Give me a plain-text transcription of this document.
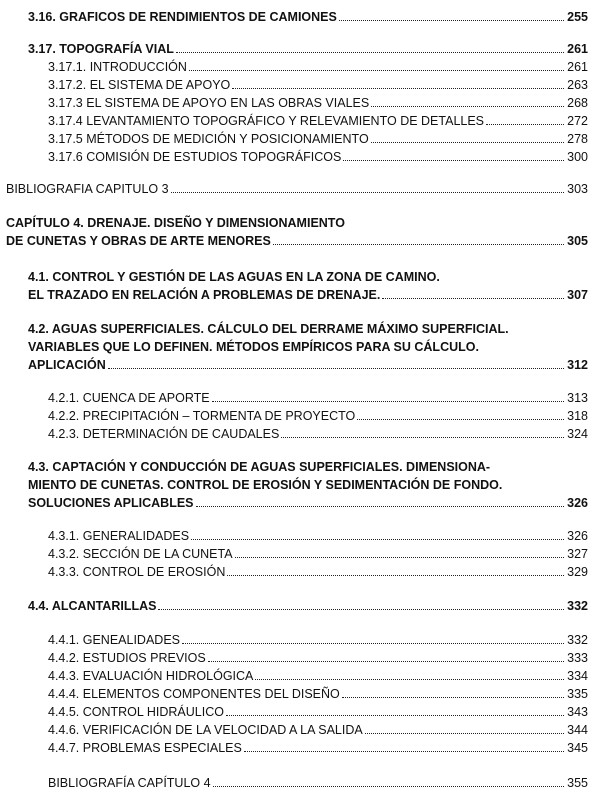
3.16. GRAFICOS DE RENDIMIENTOS DE CAMIONES	255
3.17. TOPOGRAFÍA VIAL	261
3.17.1. INTRODUCCIÓN	261
3.17.2. EL SISTEMA DE APOYO	263
3.17.3 EL SISTEMA DE APOYO EN LAS OBRAS VIALES	268
3.17.4 LEVANTAMIENTO TOPOGRÁFICO Y RELEVAMIENTO DE DETALLES	272
3.17.5 MÉTODOS DE MEDICIÓN Y POSICIONAMIENTO	278
3.17.6 COMISIÓN DE ESTUDIOS TOPOGRÁFICOS	300
BIBLIOGRAFIA CAPITULO 3	303
CAPÍTULO 4. DRENAJE. DISEÑO Y DIMENSIONAMIENTO
DE CUNETAS Y OBRAS DE ARTE MENORES	305
4.1. CONTROL Y GESTIÓN DE LAS AGUAS EN LA ZONA DE CAMINO.
EL TRAZADO EN RELACIÓN A PROBLEMAS DE DRENAJE.	307
4.2. AGUAS SUPERFICIALES. CÁLCULO DEL DERRAME MÁXIMO SUPERFICIAL.
VARIABLES QUE LO DEFINEN. MÉTODOS EMPÍRICOS PARA SU CÁLCULO.
APLICACIÓN	312
4.2.1. CUENCA DE APORTE	313
4.2.2. PRECIPITACIÓN – TORMENTA DE PROYECTO	318
4.2.3. DETERMINACIÓN DE CAUDALES	324
4.3. CAPTACIÓN Y CONDUCCIÓN DE AGUAS SUPERFICIALES. DIMENSIONA-
MIENTO DE CUNETAS. CONTROL DE EROSIÓN Y SEDIMENTACIÓN DE FONDO.
SOLUCIONES APLICABLES	326
4.3.1. GENERALIDADES	326
4.3.2. SECCIÓN DE LA CUNETA	327
4.3.3. CONTROL DE EROSIÓN	329
4.4. ALCANTARILLAS	332
4.4.1. GENEALIDADES	332
4.4.2. ESTUDIOS PREVIOS	333
4.4.3. EVALUACIÓN HIDROLÓGICA	334
4.4.4. ELEMENTOS COMPONENTES DEL DISEÑO	335
4.4.5. CONTROL HIDRÁULICO	343
4.4.6. VERIFICACIÓN DE LA VELOCIDAD A LA SALIDA	344
4.4.7. PROBLEMAS ESPECIALES	345
BIBLIOGRAFÍA CAPÍTULO 4	355
